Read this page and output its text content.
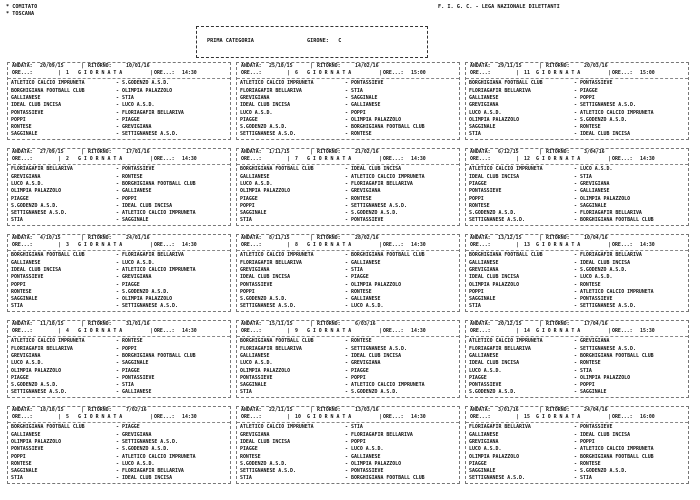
* COMITATO
* TOSCANA
F. I. G. C. - LEGA NAZIONALE DILETTANTI
PRIMA CATEGORIA	GIRONE: C
ANDATA: 20/09/15	| RITORNO:	10/01/16
ORE...:	| 1 G I O R N A T A	| ORE...: 14:30
ATLETICO CALCIO IMPRUNETA	- S.GODENZO A.S.D.
BORGHIGIANA FOOTBALL CLUB	- OLIMPIA PALAZZOLO
GALLIANESE	- STIA
IDEAL CLUB INCISA	- LUCO A.S.D.
PONTASSIEVE	- FLORIAGAFIR BELLARIVA
POPPI	- PIAGGE
RONTESE	- GREVIGIANA
SAGGINALE	- SETTIGNANESE A.S.D.
ANDATA: 25/10/15	| RITORNO:	14/02/16
ORE...:	| 6 G I O R N A T A	| ORE...: 15:00
ATLETICO CALCIO IMPRUNETA	- PONTASSIEVE
FLORIAGAFIR BELLARIVA	- STIA
GREVIGIANA	- SAGGINALE
IDEAL CLUB INCISA	- GALLIANESE
LUCO A.S.D.	- POPPI
PIAGGE	- OLIMPIA PALAZZOLO
S.GODENZO A.S.D.	- BORGHIGIANA FOOTBALL CLUB
SETTIGNANESE A.S.D.	- RONTESE
ANDATA: 29/11/15	| RITORNO:	20/03/16
ORE...:	| 11 G I O R N A T A	| ORE...: 15:00
BORGHIGIANA FOOTBALL CLUB	- PONTASSIEVE
FLORIAGAFIR BELLARIVA	- PIAGGE
GALLIANESE	- POPPI
GREVIGIANA	- SETTIGNANESE A.S.D.
LUCO A.S.D.	- ATLETICO CALCIO IMPRUNETA
OLIMPIA PALAZZOLO	- S.GODENZO A.S.D.
SAGGINALE	- RONTESE
STIA	- IDEAL CLUB INCISA
ANDATA: 27/09/15	| RITORNO:	17/01/16
ORE...:	| 2 G I O R N A T A	| ORE...: 14:30
FLORIAGAFIR BELLARIVA	- PONTASSIEVE
GREVIGIANA	- RONTESE
LUCO A.S.D.	- BORGHIGIANA FOOTBALL CLUB
OLIMPIA PALAZZOLO	- GALLIANESE
PIAGGE	- POPPI
S.GODENZO A.S.D.	- IDEAL CLUB INCISA
SETTIGNANESE A.S.D.	- ATLETICO CALCIO IMPRUNETA
STIA	- SAGGINALE
ANDATA: 1/11/15	| RITORNO:	21/02/16
ORE...:	| 7 G I O R N A T A	| ORE...: 14:30
BORGHIGIANA FOOTBALL CLUB	- IDEAL CLUB INCISA
GALLIANESE	- ATLETICO CALCIO IMPRUNETA
LUCO A.S.D.	- FLORIAGAFIR BELLARIVA
OLIMPIA PALAZZOLO	- GREVIGIANA
PIAGGE	- RONTESE
POPPI	- SETTIGNANESE A.S.D.
SAGGINALE	- S.GODENZO A.S.D.
STIA	- PONTASSIEVE
ANDATA: 6/12/15	| RITORNO:	3/04/16
ORE...:	| 12 G I O R N A T A	| ORE...: 14:30
ATLETICO CALCIO IMPRUNETA	- LUCO A.S.D.
IDEAL CLUB INCISA	- STIA
PIAGGE	- GREVIGIANA
PONTASSIEVE	- GALLIANESE
POPPI	- OLIMPIA PALAZZOLO
RONTESE	- SAGGINALE
S.GODENZO A.S.D.	- FLORIAGAFIR BELLARIVA
SETTIGNANESE A.S.D.	- BORGHIGIANA FOOTBALL CLUB
ANDATA: 4/10/15	| RITORNO:	24/01/16
ORE...:	| 3 G I O R N A T A	| ORE...: 14:30
BORGHIGIANA FOOTBALL CLUB	- FLORIAGAFIR BELLARIVA
GALLIANESE	- LUCO A.S.D.
IDEAL CLUB INCISA	- ATLETICO CALCIO IMPRUNETA
PONTASSIEVE	- GREVIGIANA
POPPI	- PIAGGE
RONTESE	- S.GODENZO A.S.D.
SAGGINALE	- OLIMPIA PALAZZOLO
STIA	- SETTIGNANESE A.S.D.
ANDATA: 8/11/15	| RITORNO:	28/02/16
ORE...:	| 8 G I O R N A T A	| ORE...: 14:30
ATLETICO CALCIO IMPRUNETA	- BORGHIGIANA FOOTBALL CLUB
FLORIAGAFIR BELLARIVA	- GALLIANESE
GREVIGIANA	- STIA
IDEAL CLUB INCISA	- PIAGGE
PONTASSIEVE	- OLIMPIA PALAZZOLO
POPPI	- RONTESE
S.GODENZO A.S.D.	- GALLIANESE
SETTIGNANESE A.S.D.	- LUCO A.S.D.
ANDATA: 13/12/15	| RITORNO:	10/04/16
ORE...:	| 13 G I O R N A T A	| ORE...: 14:30
BORGHIGIANA FOOTBALL CLUB	- FLORIAGAFIR BELLARIVA
GALLIANESE	- IDEAL CLUB INCISA
GREVIGIANA	- S.GODENZO A.S.D.
IDEAL CLUB INCISA	- LUCO A.S.D.
OLIMPIA PALAZZOLO	- RONTESE
POPPI	- ATLETICO CALCIO IMPRUNETA
SAGGINALE	- PONTASSIEVE
STIA	- SETTIGNANESE A.S.D.
ANDATA: 11/10/15	| RITORNO:	31/01/16
ORE...:	| 4 G I O R N A T A	| ORE...: 14:30
ATLETICO CALCIO IMPRUNETA	- RONTESE
FLORIAGAFIR BELLARIVA	- POPPI
GREVIGIANA	- BORGHIGIANA FOOTBALL CLUB
LUCO A.S.D.	- SAGGINALE
OLIMPIA PALAZZOLO	- PIAGGE
PIAGGE	- PONTASSIEVE
S.GODENZO A.S.D.	- STIA
SETTIGNANESE A.S.D.	- GALLIANESE
ANDATA: 15/11/15	| RITORNO:	6/03/16
ORE...:	| 9 G I O R N A T A	| ORE...: 14:30
BORGHIGIANA FOOTBALL CLUB	- RONTESE
FLORIAGAFIR BELLARIVA	- SETTIGNANESE A.S.D.
GALLIANESE	- IDEAL CLUB INCISA
LUCO A.S.D.	- GREVIGIANA
OLIMPIA PALAZZOLO	- PIAGGE
PONTASSIEVE	- POPPI
SAGGINALE	- ATLETICO CALCIO IMPRUNETA
STIA	- S.GODENZO A.S.D.
ANDATA: 20/12/15	| RITORNO:	17/04/16
ORE...:	| 14 G I O R N A T A	| ORE...: 15:30
ATLETICO CALCIO IMPRUNETA	- GREVIGIANA
FLORIAGAFIR BELLARIVA	- SETTIGNANESE A.S.D.
GALLIANESE	- BORGHIGIANA FOOTBALL CLUB
IDEAL CLUB INCISA	- RONTESE
LUCO A.S.D.	- STIA
PIAGGE	- OLIMPIA PALAZZOLO
PONTASSIEVE	- POPPI
S.GODENZO A.S.D.	- SAGGINALE
ANDATA: 18/10/15	| RITORNO:	7/02/16
ORE...:	| 5 G I O R N A T A	| ORE...: 14:30
BORGHIGIANA FOOTBALL CLUB	- PIAGGE
GALLIANESE	- GREVIGIANA
OLIMPIA PALAZZOLO	- SETTIGNANESE A.S.D.
PONTASSIEVE	- S.GODENZO A.S.D.
POPPI	- ATLETICO CALCIO IMPRUNETA
RONTESE	- LUCO A.S.D.
SAGGINALE	- FLORIAGAFIR BELLARIVA
STIA	- IDEAL CLUB INCISA
ANDATA: 22/11/15	| RITORNO:	13/03/16
ORE...:	| 10 G I O R N A T A	| ORE...: 14:30
ATLETICO CALCIO IMPRUNETA	- STIA
GREVIGIANA	- FLORIAGAFIR BELLARIVA
IDEAL CLUB INCISA	- POPPI
PIAGGE	- LUCO A.S.D.
RONTESE	- GALLIANESE
S.GODENZO A.S.D.	- OLIMPIA PALAZZOLO
SETTIGNANESE A.S.D.	- PONTASSIEVE
STIA	- BORGHIGIANA FOOTBALL CLUB
ANDATA: 3/01/16	| RITORNO:	24/04/16
ORE...:	| 15 G I O R N A T A	| ORE...: 16:00
FLORIAGAFIR BELLARIVA	- PONTASSIEVE
GALLIANESE	- IDEAL CLUB INCISA
GREVIGIANA	- POPPI
LUCO A.S.D.	- ATLETICO CALCIO IMPRUNETA
OLIMPIA PALAZZOLO	- BORGHIGIANA FOOTBALL CLUB
PIAGGE	- RONTESE
SAGGINALE	- S.GODENZO A.S.D.
SETTIGNANESE A.S.D.	- STIA
